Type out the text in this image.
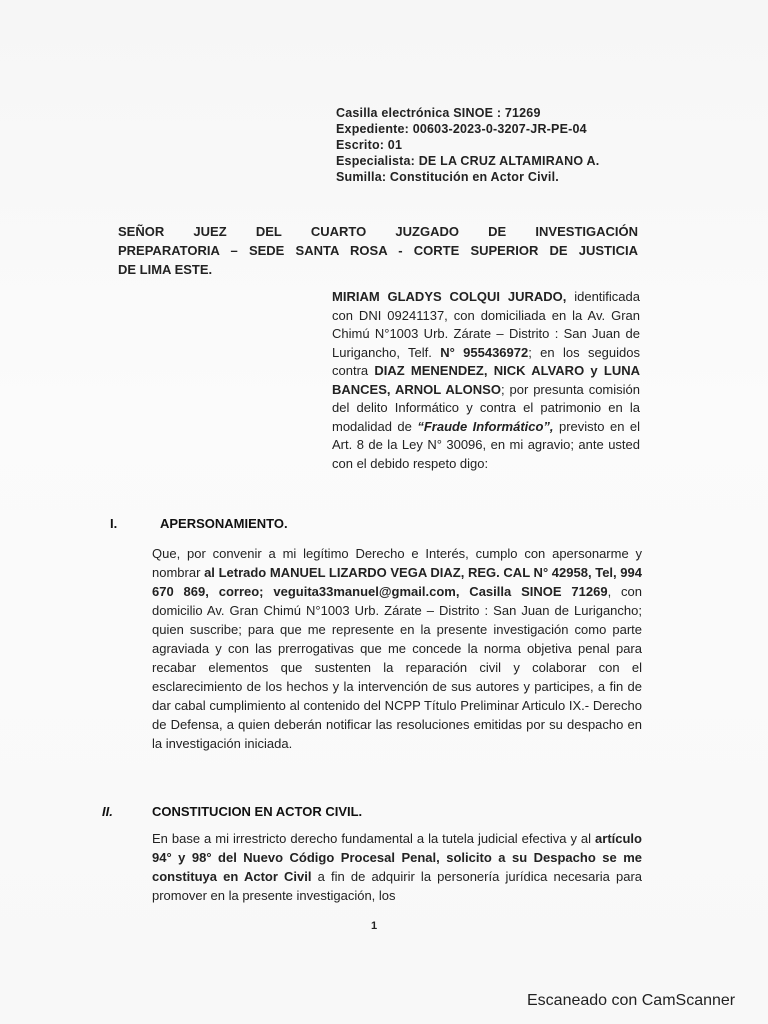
Casilla electrónica SINOE : 71269
Expediente: 00603-2023-0-3207-JR-PE-04
Escrito: 01
Especialista: DE LA CRUZ ALTAMIRANO A.
Sumilla: Constitución en Actor Civil.
SEÑOR JUEZ DEL CUARTO JUZGADO DE INVESTIGACIÓN
PREPARATORIA – SEDE SANTA ROSA - CORTE SUPERIOR DE JUSTICIA
DE LIMA ESTE.
MIRIAM GLADYS COLQUI JURADO, identificada con DNI 09241137, con domiciliada en la Av. Gran Chimú N°1003 Urb. Zárate – Distrito : San Juan de Lurigancho, Telf. N° 955436972; en los seguidos contra DIAZ MENENDEZ, NICK ALVARO y LUNA BANCES, ARNOL ALONSO; por presunta comisión del delito Informático y contra el patrimonio en la modalidad de “Fraude Informático”, previsto en el Art. 8 de la Ley N° 30096, en mi agravio; ante usted con el debido respeto digo:
I.	APERSONAMIENTO.
Que, por convenir a mi legítimo Derecho e Interés, cumplo con apersonarme y nombrar al Letrado MANUEL LIZARDO VEGA DIAZ, REG. CAL N° 42958, Tel, 994 670 869, correo; veguita33manuel@gmail.com, Casilla SINOE 71269, con domicilio Av. Gran Chimú N°1003 Urb. Zárate – Distrito : San Juan de Lurigancho; quien suscribe; para que me represente en la presente investigación como parte agraviada y con las prerrogativas que me concede la norma objetiva penal para recabar elementos que sustenten la reparación civil y colaborar con el esclarecimiento de los hechos y la intervención de sus autores y participes, a fin de dar cabal cumplimiento al contenido del NCPP Título Preliminar Articulo IX.- Derecho de Defensa, a quien deberán notificar las resoluciones emitidas por su despacho en la investigación iniciada.
II.	CONSTITUCION EN ACTOR CIVIL.
En base a mi irrestricto derecho fundamental a la tutela judicial efectiva y al artículo 94° y 98° del Nuevo Código Procesal Penal, solicito a su Despacho se me constituya en Actor Civil a fin de adquirir la personería jurídica necesaria para promover en la presente investigación, los
1
Escaneado con CamScanner
